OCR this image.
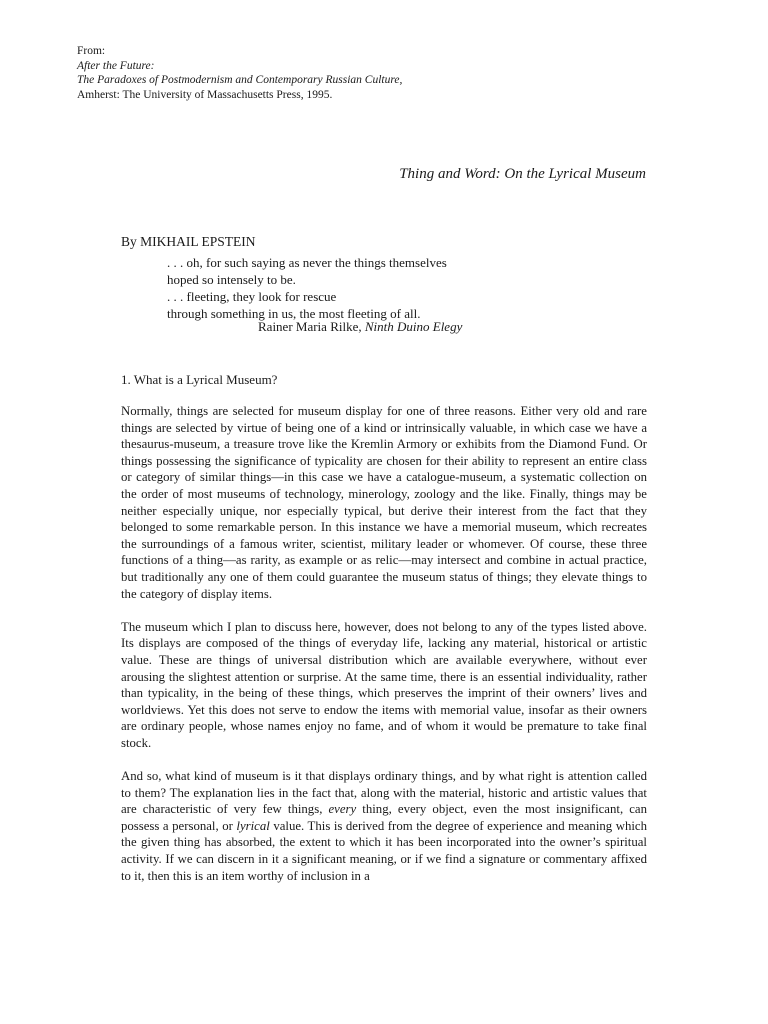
From:
After the Future:
The Paradoxes of Postmodernism and Contemporary Russian Culture,
Amherst: The University of Massachusetts Press, 1995.
Thing and Word: On the Lyrical Museum
By MIKHAIL EPSTEIN
. . . oh, for such saying as never the things themselves
hoped so intensely to be.
. . . fleeting, they look for rescue
through something in us, the most fleeting of all.
Rainer Maria Rilke, Ninth Duino Elegy
1. What is a Lyrical Museum?

Normally, things are selected for museum display for one of three reasons. Either very old and rare things are selected by virtue of being one of a kind or intrinsically valuable, in which case we have a thesaurus-museum, a treasure trove like the Kremlin Armory or exhibits from the Diamond Fund. Or things possessing the significance of typicality are chosen for their ability to represent an entire class or category of similar things—in this case we have a catalogue-museum, a systematic collection on the order of most museums of technology, minerology, zoology and the like. Finally, things may be neither especially unique, nor especially typical, but derive their interest from the fact that they belonged to some remarkable person. In this instance we have a memorial museum, which recreates the surroundings of a famous writer, scientist, military leader or whomever. Of course, these three functions of a thing—as rarity, as example or as relic—may intersect and combine in actual practice, but traditionally any one of them could guarantee the museum status of things; they elevate things to the category of display items.

The museum which I plan to discuss here, however, does not belong to any of the types listed above. Its displays are composed of the things of everyday life, lacking any material, historical or artistic value. These are things of universal distribution which are available everywhere, without ever arousing the slightest attention or surprise. At the same time, there is an essential individuality, rather than typicality, in the being of these things, which preserves the imprint of their owners’ lives and worldviews. Yet this does not serve to endow the items with memorial value, insofar as their owners are ordinary people, whose names enjoy no fame, and of whom it would be premature to take final stock.

And so, what kind of museum is it that displays ordinary things, and by what right is attention called to them? The explanation lies in the fact that, along with the material, historic and artistic values that are characteristic of very few things, every thing, every object, even the most insignificant, can possess a personal, or lyrical value. This is derived from the degree of experience and meaning which the given thing has absorbed, the extent to which it has been incorporated into the owner’s spiritual activity. If we can discern in it a significant meaning, or if we find a signature or commentary affixed to it, then this is an item worthy of inclusion in a
